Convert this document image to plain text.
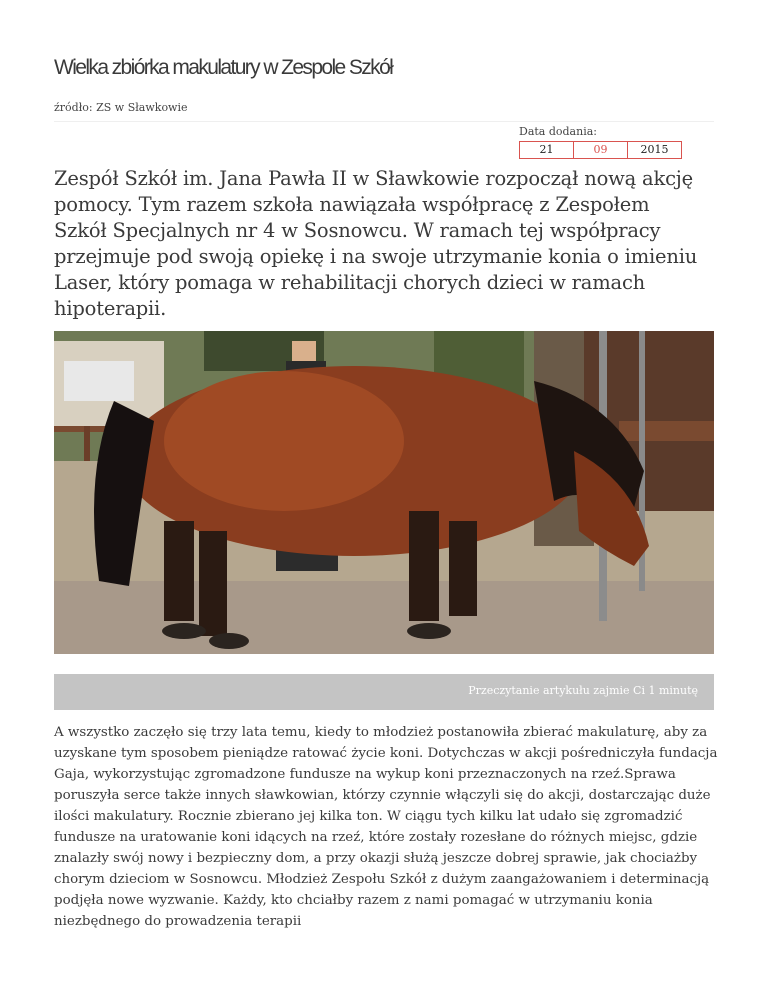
Wielka zbiórka makulatury w Zespole Szkół
źródło: ZS w Sławkowie
Data dodania:
21	09	2015

Zespół Szkół im. Jana Pawła II w Sławkowie rozpoczął nową akcję pomocy. Tym razem szkoła nawiązała współpracę z Zespołem Szkół Specjalnych nr 4 w Sosnowcu. W ramach tej współpracy przejmuje pod swoją opiekę i na swoje utrzymanie konia o imieniu Laser, który pomaga w rehabilitacji chorych dzieci w ramach hipoterapii.

Przeczytanie artykułu zajmie Ci 1 minutę

A wszystko zaczęło się trzy lata temu, kiedy to młodzież postanowiła zbierać makulaturę, aby za uzyskane tym sposobem pieniądze ratować życie koni. Dotychczas w akcji pośredniczyła fundacja Gaja, wykorzystując zgromadzone fundusze na wykup koni przeznaczonych na rzeź.Sprawa poruszyła serce także innych sławkowian, którzy czynnie włączyli się do akcji, dostarczając duże ilości makulatury. Rocznie zbierano jej kilka ton. W ciągu tych kilku lat udało się zgromadzić fundusze na uratowanie koni idących na rzeź, które zostały rozesłane do różnych miejsc, gdzie znalazły swój nowy i bezpieczny dom, a przy okazji służą jeszcze dobrej sprawie, jak chociażby chorym dzieciom w Sosnowcu. Młodzież Zespołu Szkół z dużym zaangażowaniem i determinacją podjęła nowe wyzwanie. Każdy, kto chciałby razem z nami pomagać w utrzymaniu konia niezbędnego do prowadzenia terapii
